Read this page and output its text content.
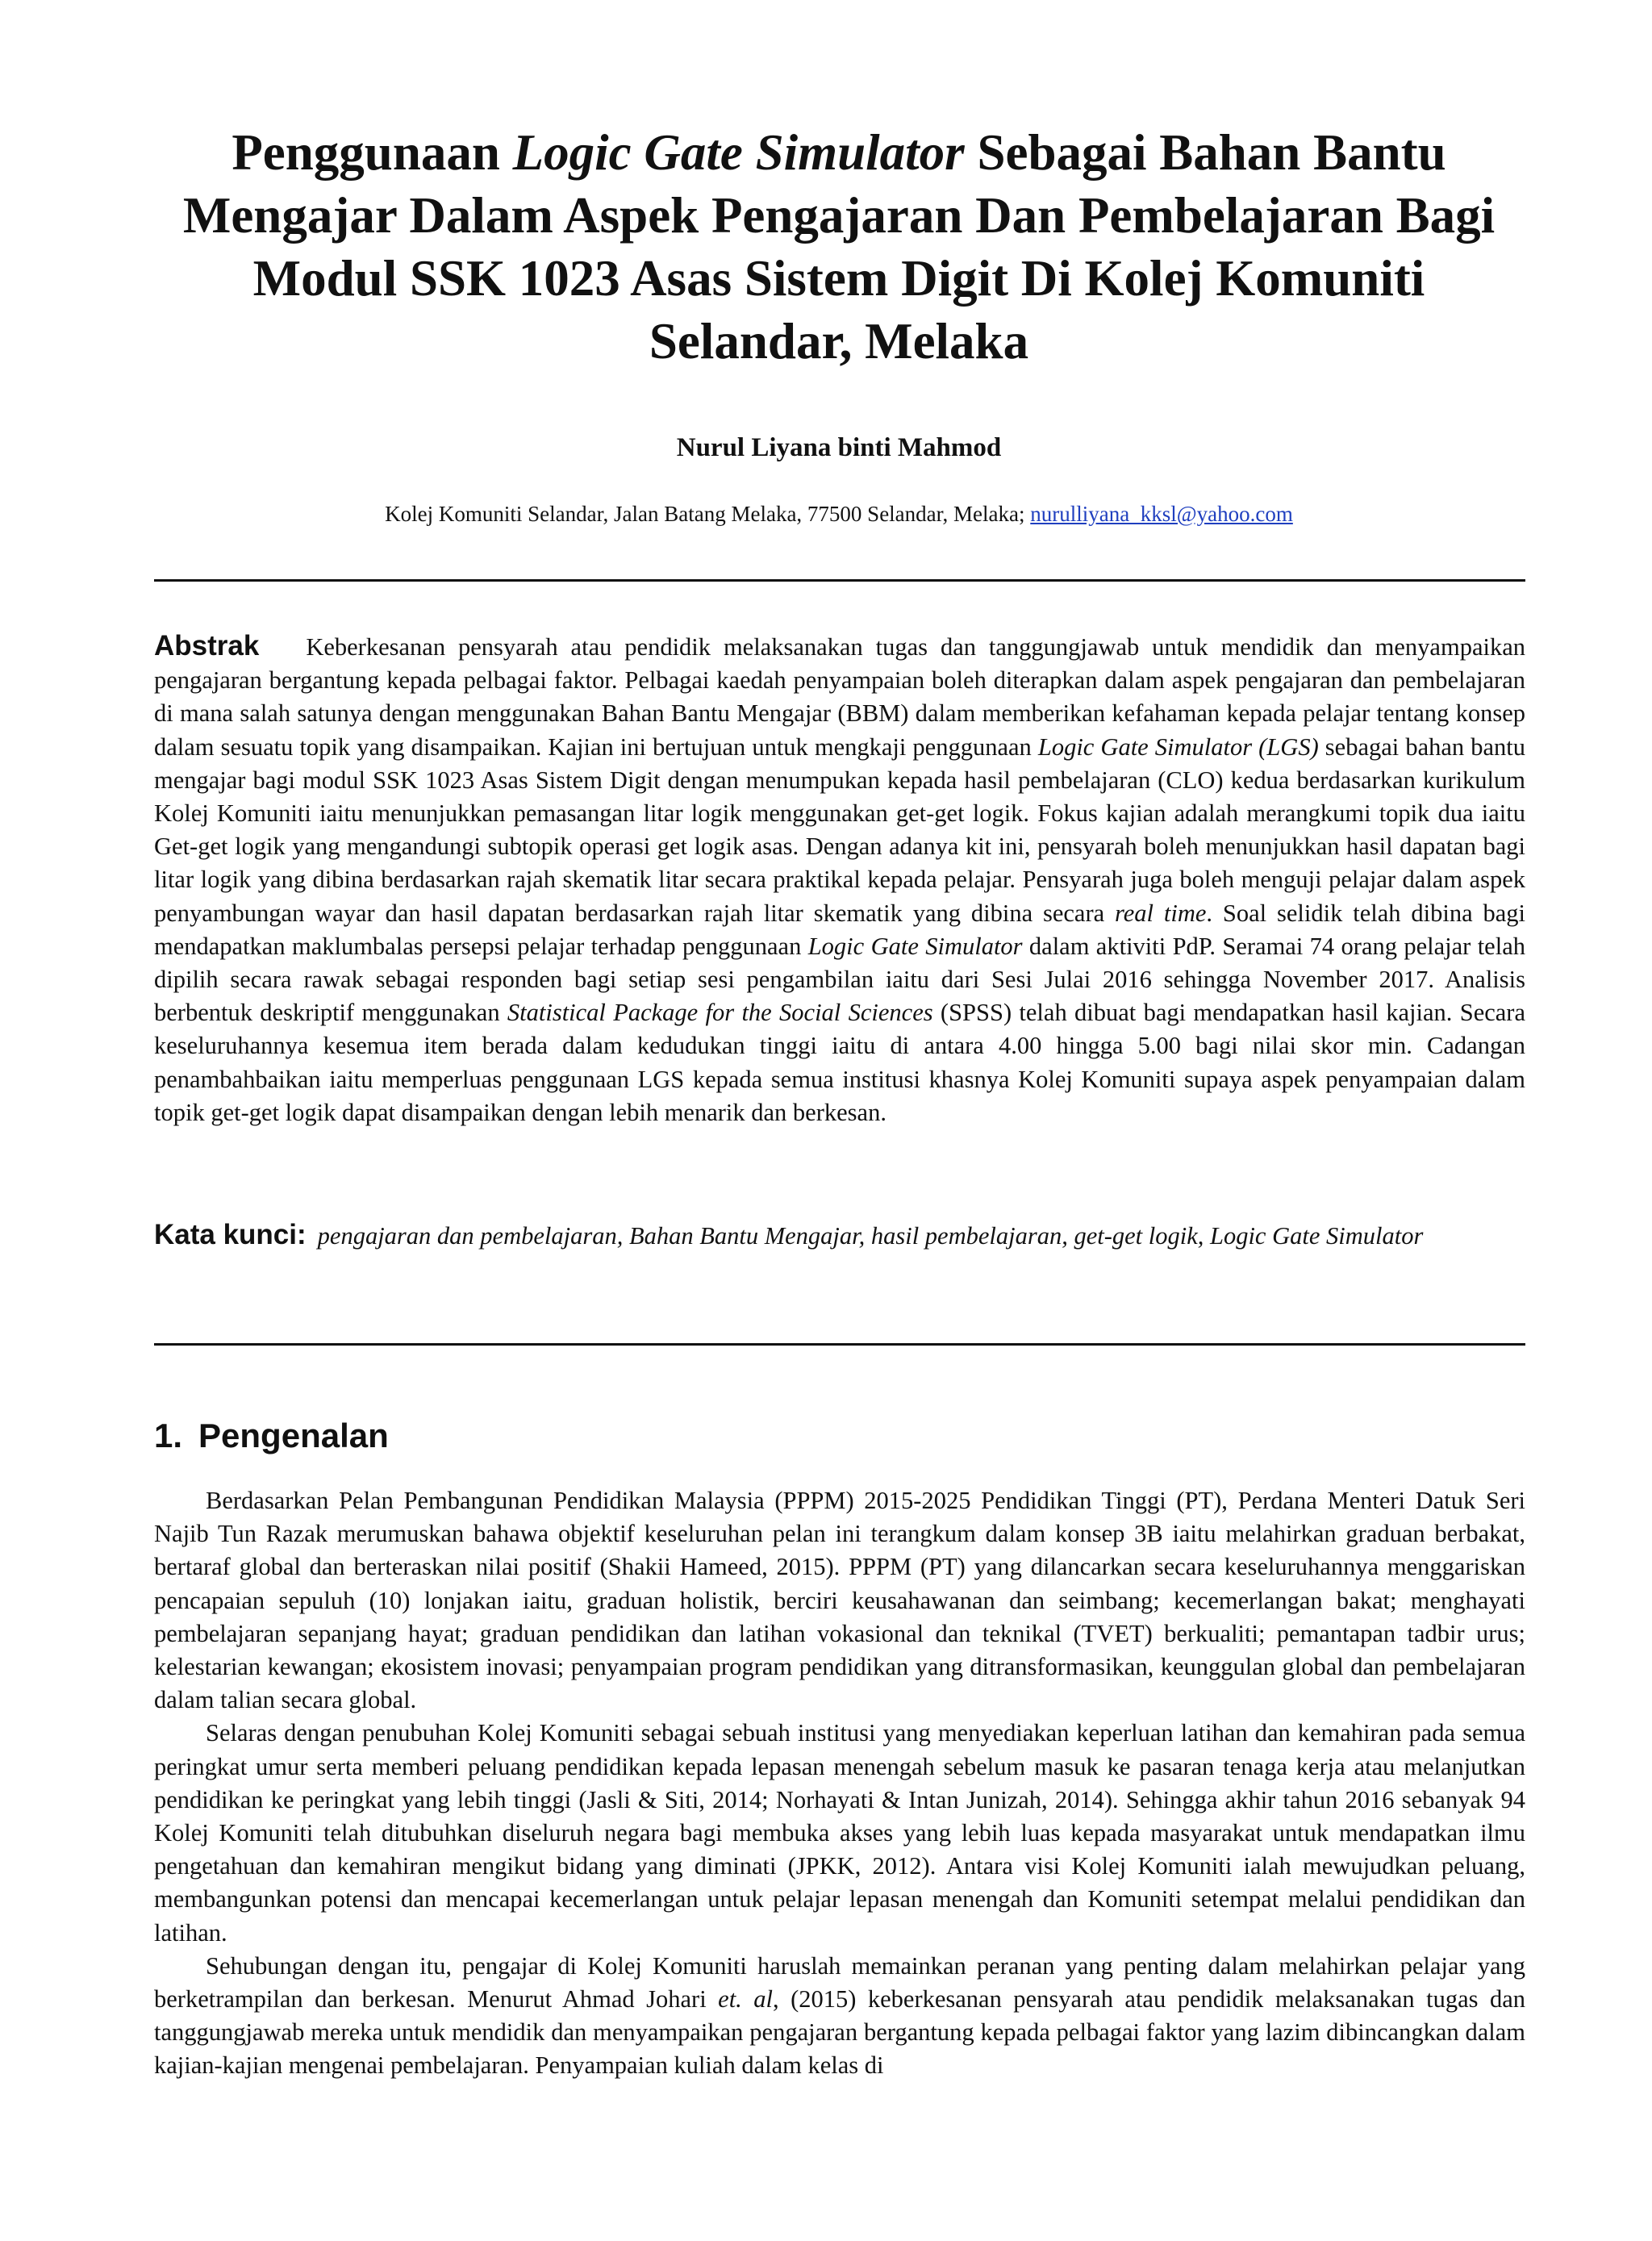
Penggunaan Logic Gate Simulator Sebagai Bahan Bantu Mengajar Dalam Aspek Pengajaran Dan Pembelajaran Bagi Modul SSK 1023 Asas Sistem Digit Di Kolej Komuniti Selandar, Melaka
Nurul Liyana binti Mahmod
Kolej Komuniti Selandar, Jalan Batang Melaka, 77500 Selandar, Melaka; nurulliyana_kksl@yahoo.com

Abstrak Keberkesanan pensyarah atau pendidik melaksanakan tugas dan tanggungjawab untuk mendidik dan menyampaikan pengajaran bergantung kepada pelbagai faktor. Pelbagai kaedah penyampaian boleh diterapkan dalam aspek pengajaran dan pembelajaran di mana salah satunya dengan menggunakan Bahan Bantu Mengajar (BBM) dalam memberikan kefahaman kepada pelajar tentang konsep dalam sesuatu topik yang disampaikan. Kajian ini bertujuan untuk mengkaji penggunaan Logic Gate Simulator (LGS) sebagai bahan bantu mengajar bagi modul SSK 1023 Asas Sistem Digit dengan menumpukan kepada hasil pembelajaran (CLO) kedua berdasarkan kurikulum Kolej Komuniti iaitu menunjukkan pemasangan litar logik menggunakan get-get logik. Fokus kajian adalah merangkumi topik dua iaitu Get-get logik yang mengandungi subtopik operasi get logik asas. Dengan adanya kit ini, pensyarah boleh menunjukkan hasil dapatan bagi litar logik yang dibina berdasarkan rajah skematik litar secara praktikal kepada pelajar. Pensyarah juga boleh menguji pelajar dalam aspek penyambungan wayar dan hasil dapatan berdasarkan rajah litar skematik yang dibina secara real time. Soal selidik telah dibina bagi mendapatkan maklumbalas persepsi pelajar terhadap penggunaan Logic Gate Simulator dalam aktiviti PdP. Seramai 74 orang pelajar telah dipilih secara rawak sebagai responden bagi setiap sesi pengambilan iaitu dari Sesi Julai 2016 sehingga November 2017. Analisis berbentuk deskriptif menggunakan Statistical Package for the Social Sciences (SPSS) telah dibuat bagi mendapatkan hasil kajian. Secara keseluruhannya kesemua item berada dalam kedudukan tinggi iaitu di antara 4.00 hingga 5.00 bagi nilai skor min. Cadangan penambahbaikan iaitu memperluas penggunaan LGS kepada semua institusi khasnya Kolej Komuniti supaya aspek penyampaian dalam topik get-get logik dapat disampaikan dengan lebih menarik dan berkesan.

Kata kunci: pengajaran dan pembelajaran, Bahan Bantu Mengajar, hasil pembelajaran, get-get logik, Logic Gate Simulator

1. Pengenalan

Berdasarkan Pelan Pembangunan Pendidikan Malaysia (PPPM) 2015-2025 Pendidikan Tinggi (PT), Perdana Menteri Datuk Seri Najib Tun Razak merumuskan bahawa objektif keseluruhan pelan ini terangkum dalam konsep 3B iaitu melahirkan graduan berbakat, bertaraf global dan berteraskan nilai positif (Shakii Hameed, 2015). PPPM (PT) yang dilancarkan secara keseluruhannya menggariskan pencapaian sepuluh (10) lonjakan iaitu, graduan holistik, berciri keusahawanan dan seimbang; kecemerlangan bakat; menghayati pembelajaran sepanjang hayat; graduan pendidikan dan latihan vokasional dan teknikal (TVET) berkualiti; pemantapan tadbir urus; kelestarian kewangan; ekosistem inovasi; penyampaian program pendidikan yang ditransformasikan, keunggulan global dan pembelajaran dalam talian secara global.

Selaras dengan penubuhan Kolej Komuniti sebagai sebuah institusi yang menyediakan keperluan latihan dan kemahiran pada semua peringkat umur serta memberi peluang pendidikan kepada lepasan menengah sebelum masuk ke pasaran tenaga kerja atau melanjutkan pendidikan ke peringkat yang lebih tinggi (Jasli & Siti, 2014; Norhayati & Intan Junizah, 2014). Sehingga akhir tahun 2016 sebanyak 94 Kolej Komuniti telah ditubuhkan diseluruh negara bagi membuka akses yang lebih luas kepada masyarakat untuk mendapatkan ilmu pengetahuan dan kemahiran mengikut bidang yang diminati (JPKK, 2012). Antara visi Kolej Komuniti ialah mewujudkan peluang, membangunkan potensi dan mencapai kecemerlangan untuk pelajar lepasan menengah dan Komuniti setempat melalui pendidikan dan latihan.

Sehubungan dengan itu, pengajar di Kolej Komuniti haruslah memainkan peranan yang penting dalam melahirkan pelajar yang berketrampilan dan berkesan. Menurut Ahmad Johari et. al, (2015) keberkesanan pensyarah atau pendidik melaksanakan tugas dan tanggungjawab mereka untuk mendidik dan menyampaikan pengajaran bergantung kepada pelbagai faktor yang lazim dibincangkan dalam kajian-kajian mengenai pembelajaran. Penyampaian kuliah dalam kelas di
